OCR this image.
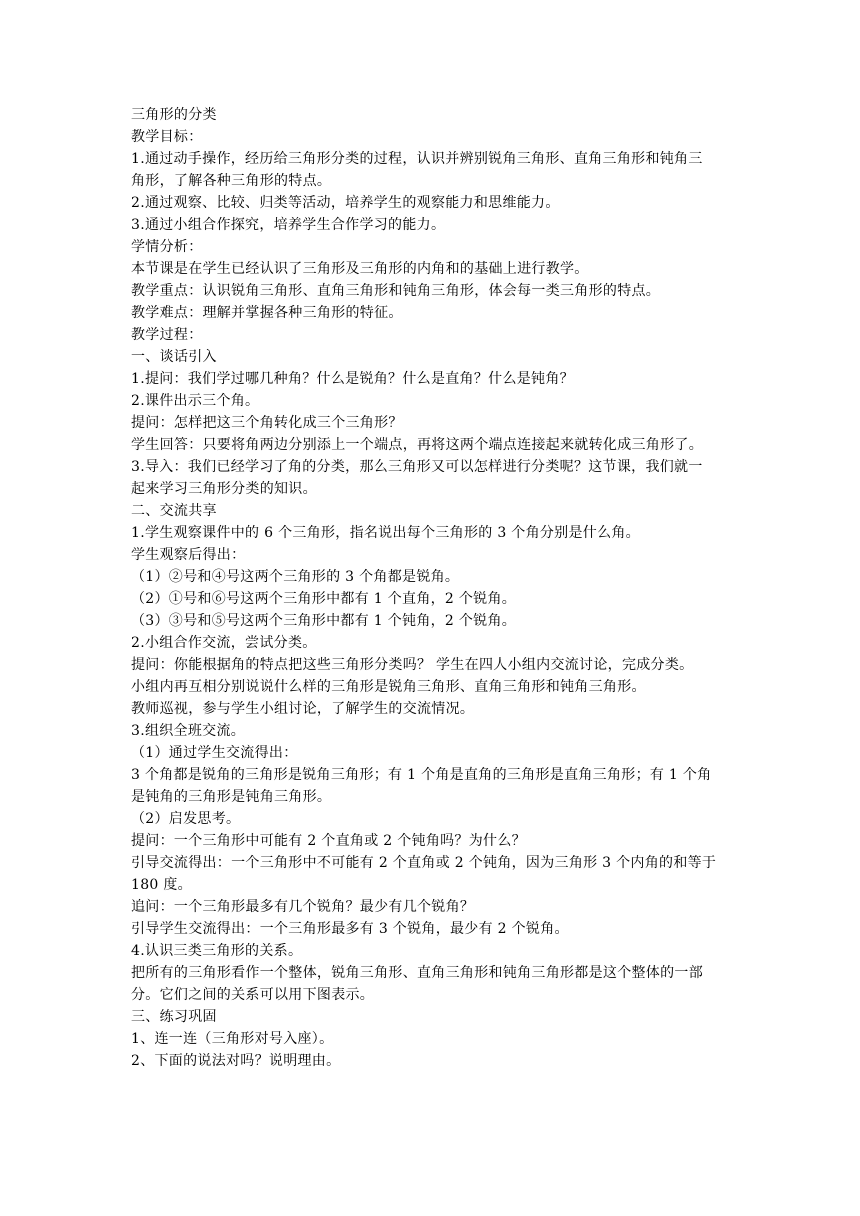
三角形的分类
教学目标：
1.通过动手操作，经历给三角形分类的过程，认识并辨别锐角三角形、直角三角形和钝角三
角形，了解各种三角形的特点。
2.通过观察、比较、归类等活动，培养学生的观察能力和思维能力。
3.通过小组合作探究，培养学生合作学习的能力。
学情分析：
本节课是在学生已经认识了三角形及三角形的内角和的基础上进行教学。
教学重点：认识锐角三角形、直角三角形和钝角三角形，体会每一类三角形的特点。
教学难点：理解并掌握各种三角形的特征。
教学过程：
一、谈话引入
1.提问：我们学过哪几种角？什么是锐角？什么是直角？什么是钝角？
2.课件出示三个角。
提问：怎样把这三个角转化成三个三角形？
学生回答：只要将角两边分别添上一个端点，再将这两个端点连接起来就转化成三角形了。
3.导入：我们已经学习了角的分类，那么三角形又可以怎样进行分类呢？这节课，我们就一
起来学习三角形分类的知识。
二、交流共享
1.学生观察课件中的 6 个三角形，指名说出每个三角形的 3 个角分别是什么角。
学生观察后得出：
（1）②号和④号这两个三角形的 3 个角都是锐角。
（2）①号和⑥号这两个三角形中都有 1 个直角，2 个锐角。
（3）③号和⑤号这两个三角形中都有 1 个钝角，2 个锐角。
2.小组合作交流，尝试分类。
提问：你能根据角的特点把这些三角形分类吗？ 学生在四人小组内交流讨论，完成分类。
小组内再互相分别说说什么样的三角形是锐角三角形、直角三角形和钝角三角形。
教师巡视，参与学生小组讨论，了解学生的交流情况。
3.组织全班交流。
（1）通过学生交流得出：
3 个角都是锐角的三角形是锐角三角形；有 1 个角是直角的三角形是直角三角形；有 1 个角
是钝角的三角形是钝角三角形。
（2）启发思考。
提问：一个三角形中可能有 2 个直角或 2 个钝角吗？为什么？
引导交流得出：一个三角形中不可能有 2 个直角或 2 个钝角，因为三角形 3 个内角的和等于
180 度。
追问：一个三角形最多有几个锐角？最少有几个锐角？
引导学生交流得出：一个三角形最多有 3 个锐角，最少有 2 个锐角。
4.认识三类三角形的关系。
把所有的三角形看作一个整体，锐角三角形、直角三角形和钝角三角形都是这个整体的一部
分。它们之间的关系可以用下图表示。
三、练习巩固
1、连一连（三角形对号入座）。
2、下面的说法对吗？说明理由。
